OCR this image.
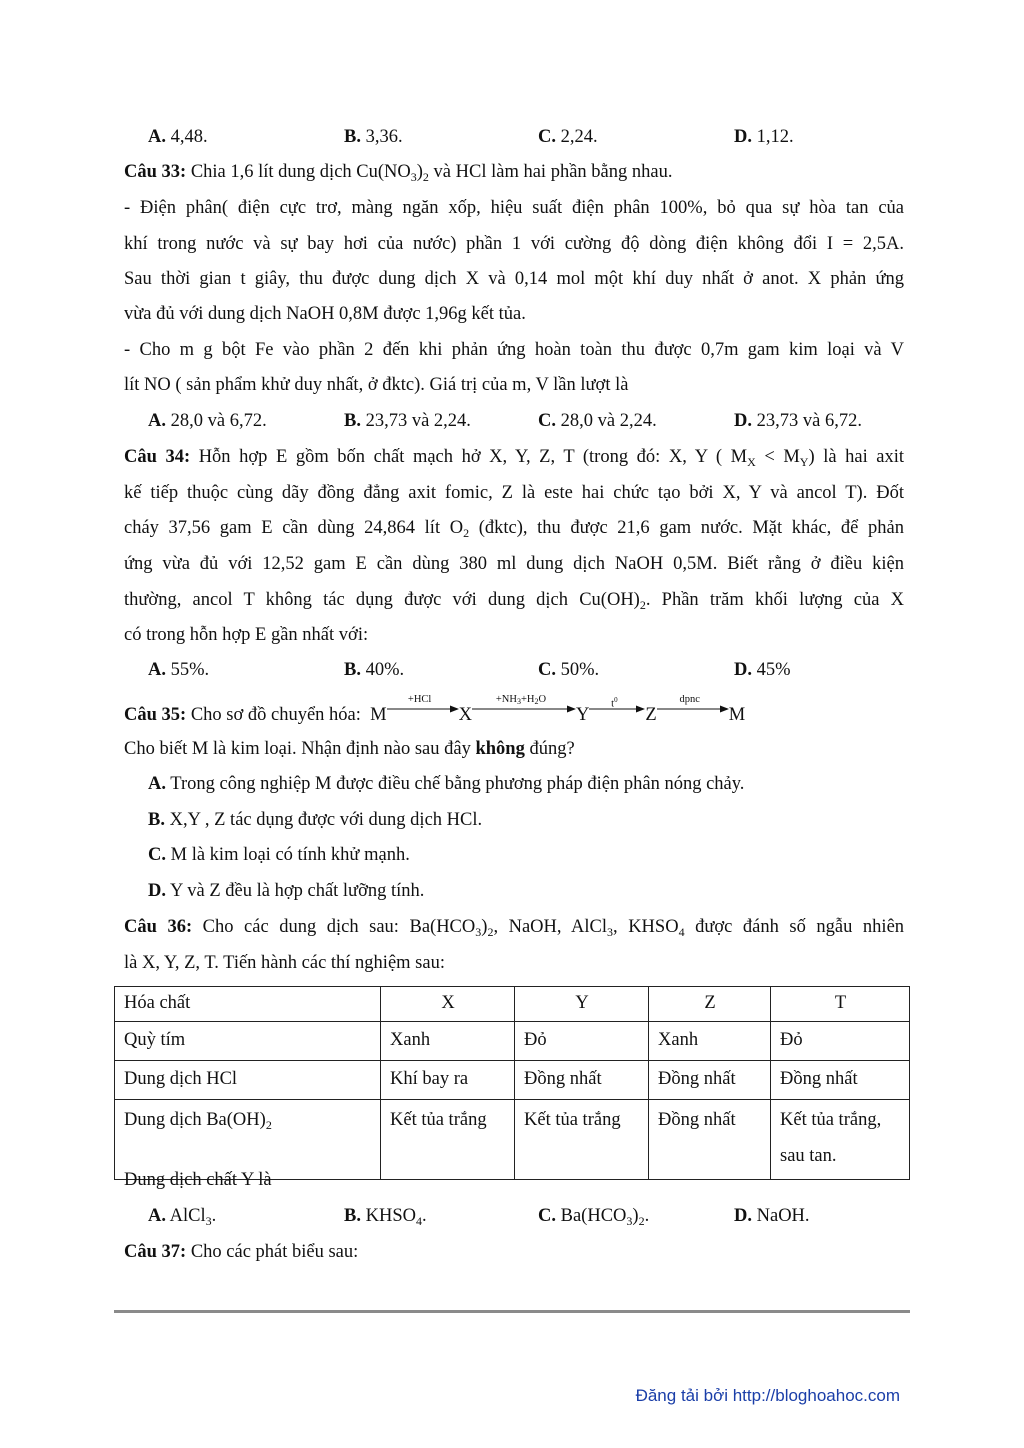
A. 4,48.	B. 3,36.	C. 2,24.	D. 1,12.
Câu 33: Chia 1,6 lít dung dịch $Cu(NO_3)_2$ và HCl làm hai phần bằng nhau.
- Điện phân( điện cực trơ, màng ngăn xốp, hiệu suất điện phân 100%, bỏ qua sự hòa tan của
khí trong nước và sự bay hơi của nước) phần 1 với cường độ dòng điện không đổi I = 2,5A.
Sau thời gian t giây, thu được dung dịch X và 0,14 mol một khí duy nhất ở anot. X phản ứng
vừa đủ với dung dịch NaOH 0,8M được 1,96g kết tủa.
- Cho m g bột Fe vào phần 2 đến khi phản ứng hoàn toàn thu được 0,7m gam kim loại và V
lít NO ( sản phẩm khử duy nhất, ở đktc). Giá trị của m, V lần lượt là
A. 28,0 và 6,72.	B. 23,73 và 2,24.	C. 28,0 và 2,24.	D. 23,73 và 6,72.
Câu 34: Hỗn hợp E gồm bốn chất mạch hở X, Y, Z, T (trong đó: X, Y ( $M_X < M_Y$) là hai axit
kế tiếp thuộc cùng dãy đồng đẳng axit fomic, Z là este hai chức tạo bởi X, Y và ancol T). Đốt
cháy 37,56 gam E cần dùng 24,864 lít $O_2$ (đktc), thu được 21,6 gam nước. Mặt khác, để phản
ứng vừa đủ với 12,52 gam E cần dùng 380 ml dung dịch NaOH 0,5M. Biết rằng ở điều kiện
thường, ancol T không tác dụng được với dung dịch $Cu(OH)_2$. Phần trăm khối lượng của X
có trong hỗn hợp E gần nhất với:
A. 55%.	B. 40%.	C. 50%.	D. 45%
Câu 35: Cho sơ đồ chuyển hóa: M
+HCl
X
$+NH_3+H_2O$
Y
$t^0$
Z
dpnc
M
Cho biết M là kim loại. Nhận định nào sau đây không đúng?
A. Trong công nghiệp M được điều chế bằng phương pháp điện phân nóng chảy.
B. X,Y , Z tác dụng được với dung dịch HCl.
C. M là kim loại có tính khử mạnh.
D. Y và Z đều là hợp chất lưỡng tính.
Câu 36: Cho các dung dịch sau: $Ba(HCO_3)_2$, NaOH, AlCl$_3$, $KHSO_4$ được đánh số ngẫu nhiên
là X, Y, Z, T. Tiến hành các thí nghiệm sau:
Hóa chất	X	Y	Z	T
Quỳ tím	Xanh	Đỏ	Xanh	Đỏ
Dung dịch HCl	Khí bay ra	Đồng nhất	Đồng nhất	Đồng nhất
Dung dịch $Ba(OH)_2$	Kết tủa trắng	Kết tủa trắng	Đồng nhất	Kết tủa trắng, sau tan.
Dung dịch chất Y là
A. AlCl$_3$.	B. $KHSO_4$.	C. $Ba(HCO_3)_2$.	D. NaOH.
Câu 37: Cho các phát biểu sau:
Đăng tải bởi http://bloghoahoc.com
